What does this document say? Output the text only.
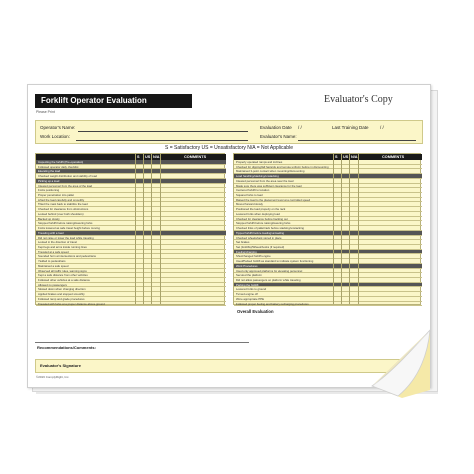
Forklift Operator Evaluation	Evaluator's Copy
Please Print
Operator's Name:
Work Location:
Evaluation Date / /	Last Training Date	/ /
Evaluator's Name:
S = Satisfactory US = Unsatisfactory N/A = Not Applicable
S US N/A	COMMENTS
Inspecting the forklift (Pre-operation)
Followed operator daily checklist
Elevating the load
Checked weight distribution and stability of load
Picking up a load
Cleared personnel from the area of the load
Forks positioning
Proper penetration into pallet
Lifted the load carefully and smoothly
Tilted the mast back to stabilize the load
Checked for clearance from obstructions
Looked behind (over both shoulders)
Backed up slowly
Stopped forklift before raising/lowering forks
Forks lowered as safe travel height before moving
Traveling with a load
Did not raise or lower the load while traveling
Looked in the direction of travel
Kept legs and arms inside running lines
Traveled at a safe speed
Sounded horn at intersections and pedestrians
Yielded to pedestrians
Maintained a safe speed
Observed all traffic rules, warning signs
Kept a safe distance from other vehicles
Followed other vehicles at a safe distance
Allowed no passengers
Slowed down when changing direction
Applied brakes and stopped smoothly
Followed ramp and grade procedures
Traveled with forks at a proper distance above ground
S US N/A	COMMENTS
Properly operated ramps and inclines
Checked for dipping/fall hazards and remote uniform before in dismounting
Maintained 3-point contact when mounting/dismounting
Load handling/stacking/unstacking
Cleared personnel from the area near the load
Made sure there was sufficient clearance for the load
Centered forklift to location
Squared forks to load
Raised the load to the placement level at a controlled speed
Moved forward slowly
Positioned the load properly on the rack
Lowered forks when deploying load
Checked for clearance before backing out
Stopped forklift before raising/lowering forks
Checked links of pallet/rack before stacking/unstacking
Tipped forklift before loading/unloading
Checked wheels/tank stored in place
Set brakes
Set (forklifts)/Wheelchocks (if required)
Fueling/charging
Shut/changed forklift engine
Used/Parked forklift as standard to indicate system functioning
Work Procedures
Used only approved platforms for elevating personnel
Secured the platform
Did not allow passengers on platform while traveling
Parking the forklift
Lowered forks to ground
Turned engine off
Wore appropriate PPE
Followed proper fueling and battery recharging procedures
Overall Evaluation
Recommendations/Comments:
Evaluator's Signature
©2016 ComplyRight, Inc.
